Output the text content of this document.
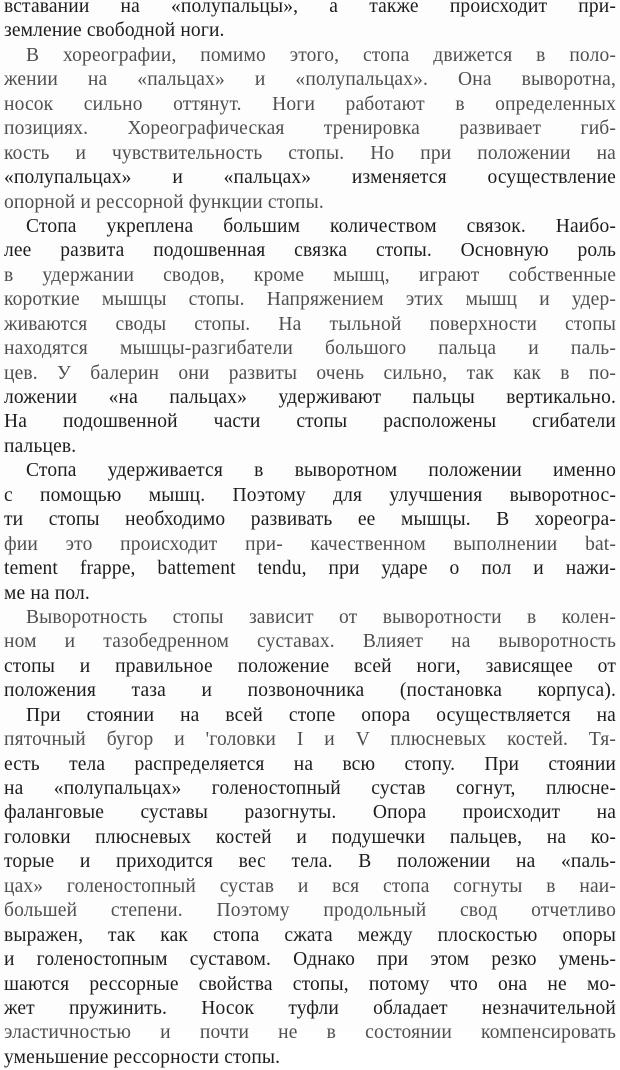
вставании на «полупальцы», а также происходит при-
земление свободной ноги.
В хореографии, помимо этого, стопа движется в поло-
жении на «пальцах» и «полупальцах». Она выворотна,
носок сильно оттянут. Ноги работают в определенных
позициях. Хореографическая тренировка развивает гиб-
кость и чувствительность стопы. Но при положении на
«полупальцах» и «пальцах» изменяется осуществление
опорной и рессорной функции стопы.
Стопа укреплена большим количеством связок. Наибо-
лее развита подошвенная связка стопы. Основную роль
в удержании сводов, кроме мышц, играют собственные
короткие мышцы стопы. Напряжением этих мышц и удер-
живаются своды стопы. На тыльной поверхности стопы
находятся мышцы-разгибатели большого пальца и паль-
цев. У балерин они развиты очень сильно, так как в по-
ложении «на пальцах» удерживают пальцы вертикально.
На подошвенной части стопы расположены сгибатели
пальцев.
Стопа удерживается в выворотном положении именно
с помощью мышц. Поэтому для улучшения выворотнос-
ти стопы необходимо развивать ее мышцы. В хореогра-
фии это происходит при- качественном выполнении bat-
tement frappe, battement tendu, при ударе о пол и нажи-
ме на пол.
Выворотность стопы зависит от выворотности в колен-
ном и тазобедренном суставах. Влияет на выворотность
стопы и правильное положение всей ноги, зависящее от
положения таза и позвоночника (постановка корпуса).
При стоянии на всей стопе опора осуществляется на
пяточный бугор и 'головки I и V плюсневых костей. Тя-
есть тела распределяется на всю стопу. При стоянии
на «полупальцах» голеностопный сустав согнут, плюсне-
фаланговые суставы разогнуты. Опора происходит на
головки плюсневых костей и подушечки пальцев, на ко-
торые и приходится вес тела. В положении на «паль-
цах» голеностопный сустав и вся стопа согнуты в наи-
большей степени. Поэтому продольный свод отчетливо
выражен, так как стопа сжата между плоскостью опоры
и голеностопным суставом. Однако при этом резко умень-
шаются рессорные свойства стопы, потому что она не мо-
жет пружинить. Носок туфли обладает незначительной
эластичностью и почти не в состоянии компенсировать
уменьшение рессорности стопы.
